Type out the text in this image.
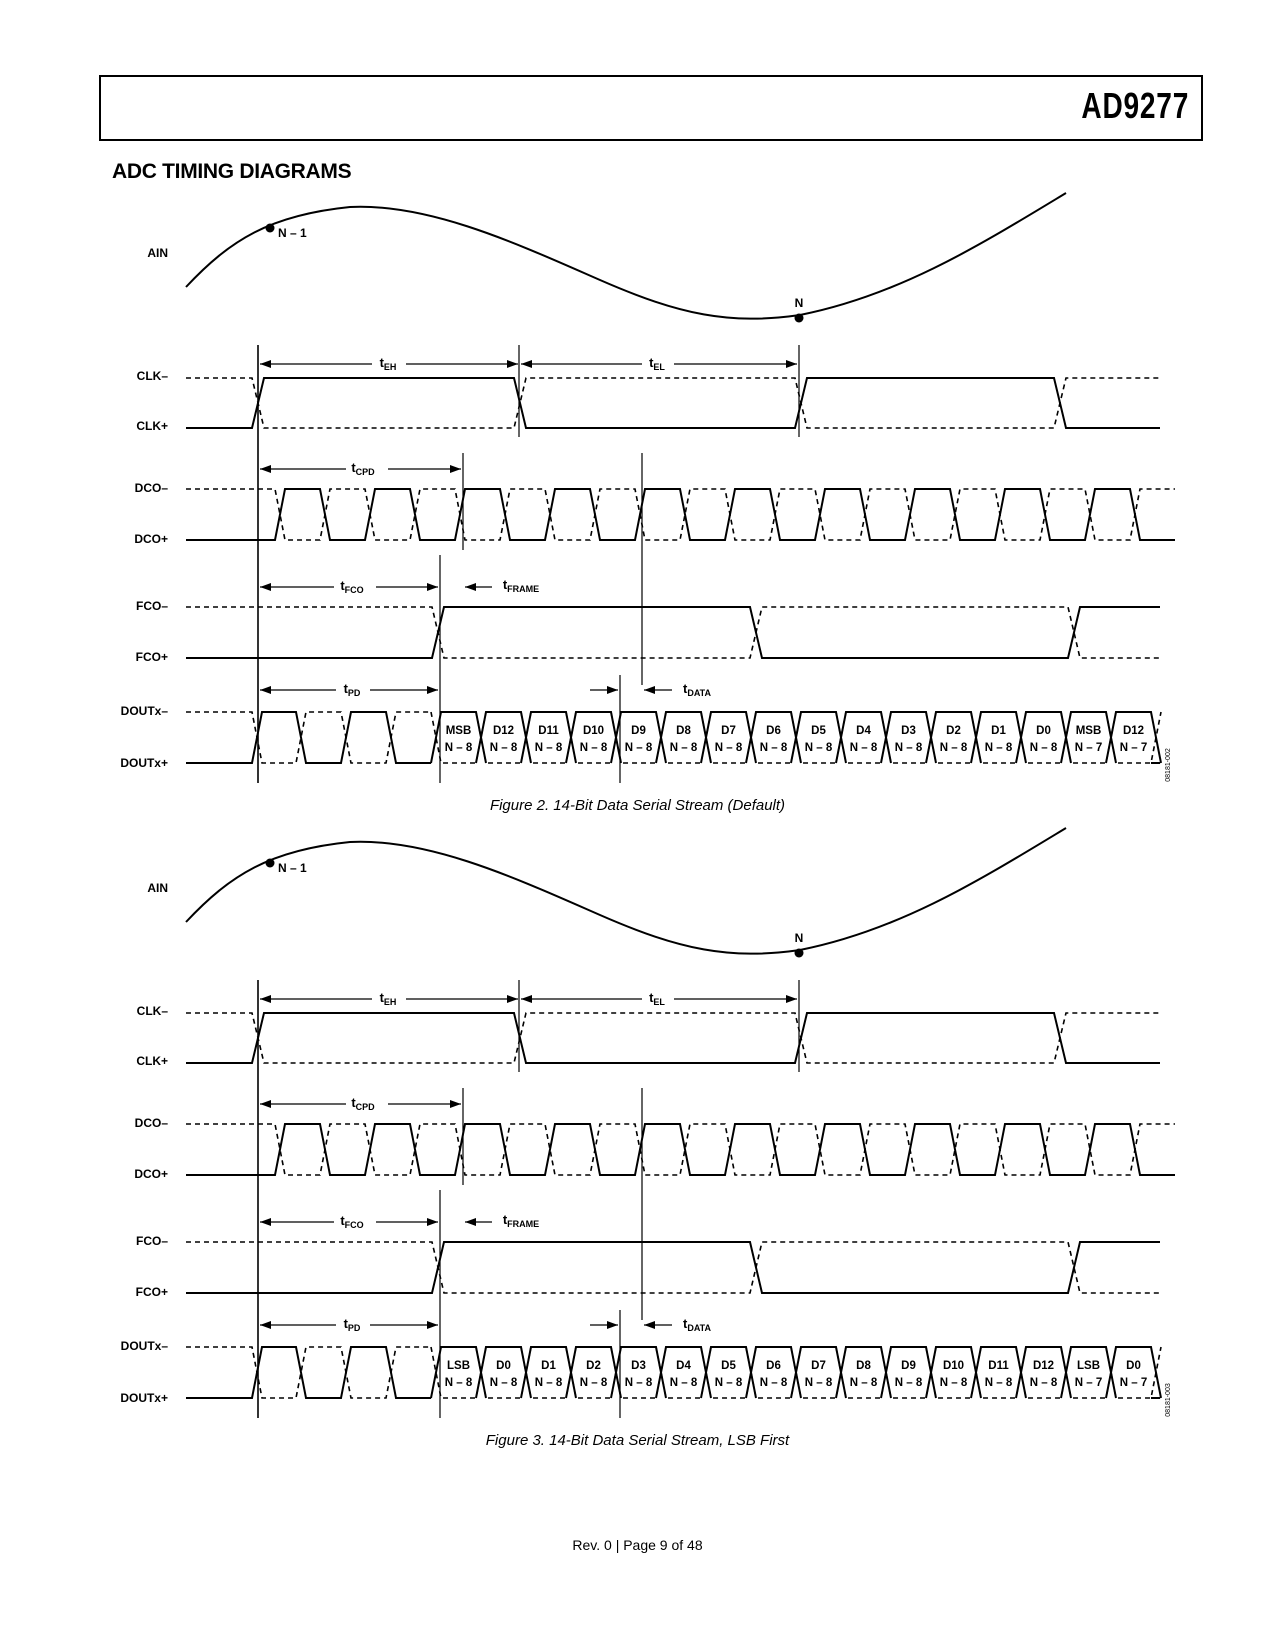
AD9277
ADC TIMING DIAGRAMS
AIN
CLK–
CLK+
DCO–
DCO+
FCO–
FCO+
DOUTx–
DOUTx+
N – 1
N
MSB
N – 8
D12
N – 8
D11
N – 8
D10
N – 8
D9
N – 8
D8
N – 8
D7
N – 8
D6
N – 8
D5
N – 8
D4
N – 8
D3
N – 8
D2
N – 8
D1
N – 8
D0
N – 8
MSB
N – 7
D12
N – 7
$t_{EH}$	$t_{EL}$
$t_{CPD}$
$t_{FCO}$	$t_{FRAME}$
$t_{PD}$	$t_{DATA}$
08181-002
Figure 2. 14-Bit Data Serial Stream (Default)
AIN
CLK–
CLK+
DCO–
DCO+
FCO–
FCO+
DOUTx–
DOUTx+
N – 1
N
LSB
N – 8
D0
N – 8
D1
N – 8
D2
N – 8
D3
N – 8
D4
N – 8
D5
N – 8
D6
N – 8
D7
N – 8
D8
N – 8
D9
N – 8
D10
N – 8
D11
N – 8
D12
N – 8
LSB
N – 7
D0
N – 7
$t_{EH}$	$t_{EL}$
$t_{CPD}$
$t_{FCO}$	$t_{FRAME}$
$t_{PD}$	$t_{DATA}$
08181-003
Figure 3. 14-Bit Data Serial Stream, LSB First
Rev. 0 | Page 9 of 48
